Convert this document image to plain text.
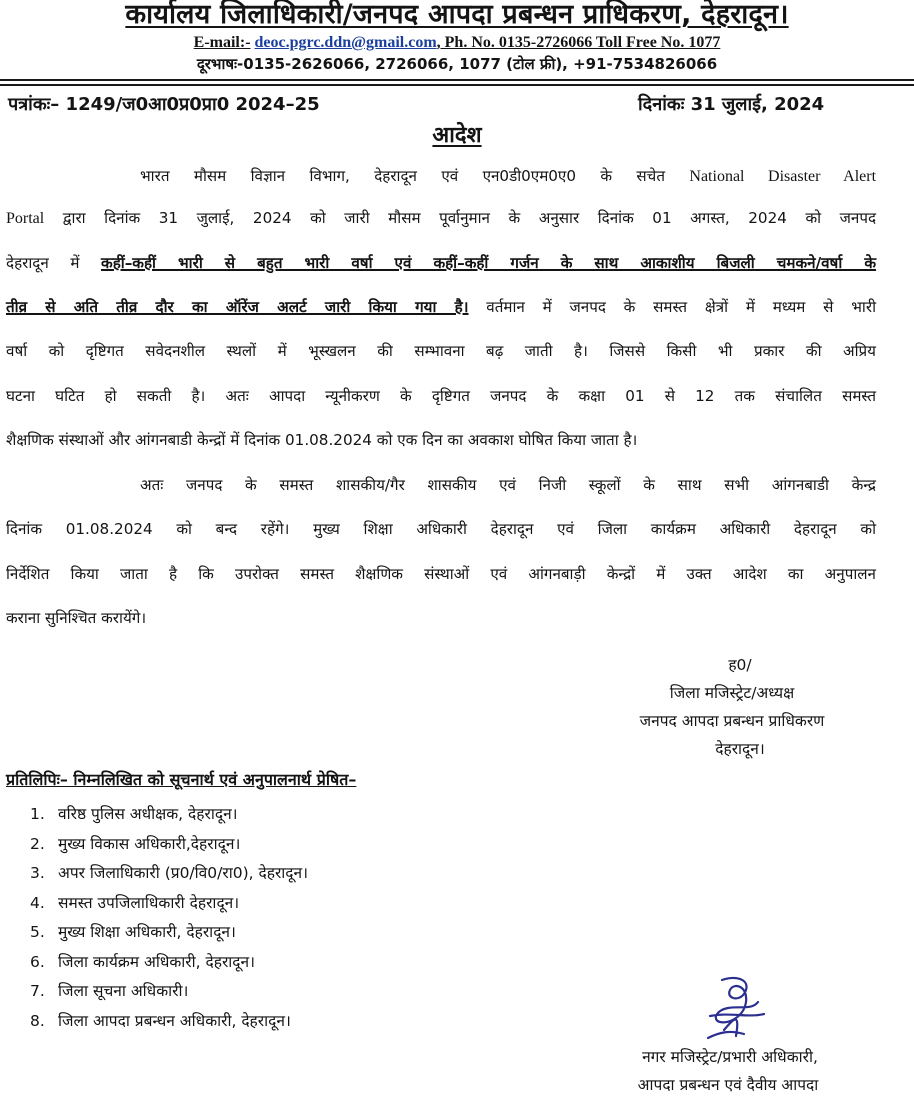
कार्यालय जिलाधिकारी/जनपद आपदा प्रबन्धन प्राधिकरण, देहरादून।
E-mail:- deoc.pgrc.ddn@gmail.com, Ph. No. 0135-2726066 Toll Free No. 1077
दूरभाषः-0135-2626066, 2726066, 1077 (टोल फ्री), +91-7534826066
पत्रांकः– 1249/ज0आ0प्र0प्रा0 2024–25	दिनांकः 31 जुलाई, 2024
आदेश
भारत मौसम विज्ञान विभाग, देहरादून एवं एन0डी0एम0ए0 के सचेत National Disaster Alert
Portal द्वारा दिनांक 31 जुलाई, 2024 को जारी मौसम पूर्वानुमान के अनुसार दिनांक 01 अगस्त, 2024 को जनपद
देहरादून में कहीं–कहीं भारी से बहुत भारी वर्षा एवं कहीं–कहीं गर्जन के साथ आकाशीय बिजली चमकने/वर्षा के
तीव्र से अति तीव्र दौर का ऑरेंज अलर्ट जारी किया गया है। वर्तमान में जनपद के समस्त क्षेत्रों में मध्यम से भारी
वर्षा को दृष्टिगत सवेदनशील स्थलों में भूस्खलन की सम्भावना बढ़ जाती है। जिससे किसी भी प्रकार की अप्रिय
घटना घटित हो सकती है। अतः आपदा न्यूनीकरण के दृष्टिगत जनपद के कक्षा 01 से 12 तक संचालित समस्त
शैक्षणिक संस्थाओं और आंगनबाडी केन्द्रों में दिनांक 01.08.2024 को एक दिन का अवकाश घोषित किया जाता है।
अतः जनपद के समस्त शासकीय/गैर शासकीय एवं निजी स्कूलों के साथ सभी आंगनबाडी केन्द्र
दिनांक 01.08.2024 को बन्द रहेंगे। मुख्य शिक्षा अधिकारी देहरादून एवं जिला कार्यक्रम अधिकारी देहरादून को
निर्देशित किया जाता है कि उपरोक्त समस्त शैक्षणिक संस्थाओं एवं आंगनबाड़ी केन्द्रों में उक्त आदेश का अनुपालन
कराना सुनिश्चित करायेंगे।
ह0/
जिला मजिस्ट्रेट/अध्यक्ष
जनपद आपदा प्रबन्धन प्राधिकरण
देहरादून।
प्रतिलिपिः– निम्नलिखित को सूचनार्थ एवं अनुपालनार्थ प्रेषित–
1. वरिष्ठ पुलिस अधीक्षक, देहरादून।
2. मुख्य विकास अधिकारी,देहरादून।
3. अपर जिलाधिकारी (प्र0/वि0/रा0), देहरादून।
4. समस्त उपजिलाधिकारी देहरादून।
5. मुख्य शिक्षा अधिकारी, देहरादून।
6. जिला कार्यक्रम अधिकारी, देहरादून।
7. जिला सूचना अधिकारी।
8. जिला आपदा प्रबन्धन अधिकारी, देहरादून।
नगर मजिस्ट्रेट/प्रभारी अधिकारी,
आपदा प्रबन्धन एवं दैवीय आपदा
